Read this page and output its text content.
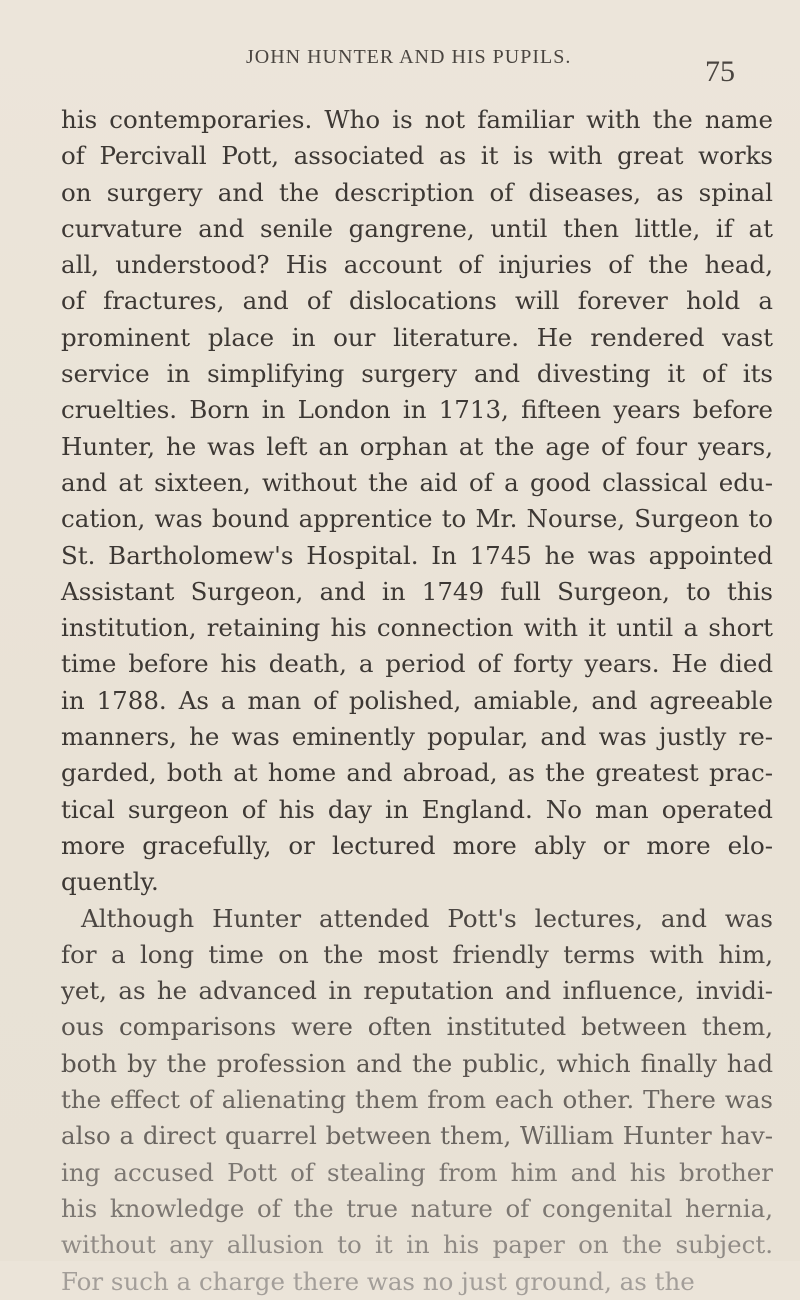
JOHN HUNTER AND HIS PUPILS.	75
his contemporaries. Who is not familiar with the name
of Percivall Pott, associated as it is with great works
on surgery and the description of diseases, as spinal
curvature and senile gangrene, until then little, if at
all, understood? His account of injuries of the head,
of fractures, and of dislocations will forever hold a
prominent place in our literature. He rendered vast
service in simplifying surgery and divesting it of its
cruelties. Born in London in 1713, fifteen years before
Hunter, he was left an orphan at the age of four years,
and at sixteen, without the aid of a good classical edu-
cation, was bound apprentice to Mr. Nourse, Surgeon to
St. Bartholomew's Hospital. In 1745 he was appointed
Assistant Surgeon, and in 1749 full Surgeon, to this
institution, retaining his connection with it until a short
time before his death, a period of forty years. He died
in 1788. As a man of polished, amiable, and agreeable
manners, he was eminently popular, and was justly re-
garded, both at home and abroad, as the greatest prac-
tical surgeon of his day in England. No man operated
more gracefully, or lectured more ably or more elo-
quently.
Although Hunter attended Pott's lectures, and was
for a long time on the most friendly terms with him,
yet, as he advanced in reputation and influence, invidi-
ous comparisons were often instituted between them,
both by the profession and the public, which finally had
the effect of alienating them from each other. There was
also a direct quarrel between them, William Hunter hav-
ing accused Pott of stealing from him and his brother
his knowledge of the true nature of congenital hernia,
without any allusion to it in his paper on the subject.
For such a charge there was no just ground, as the
